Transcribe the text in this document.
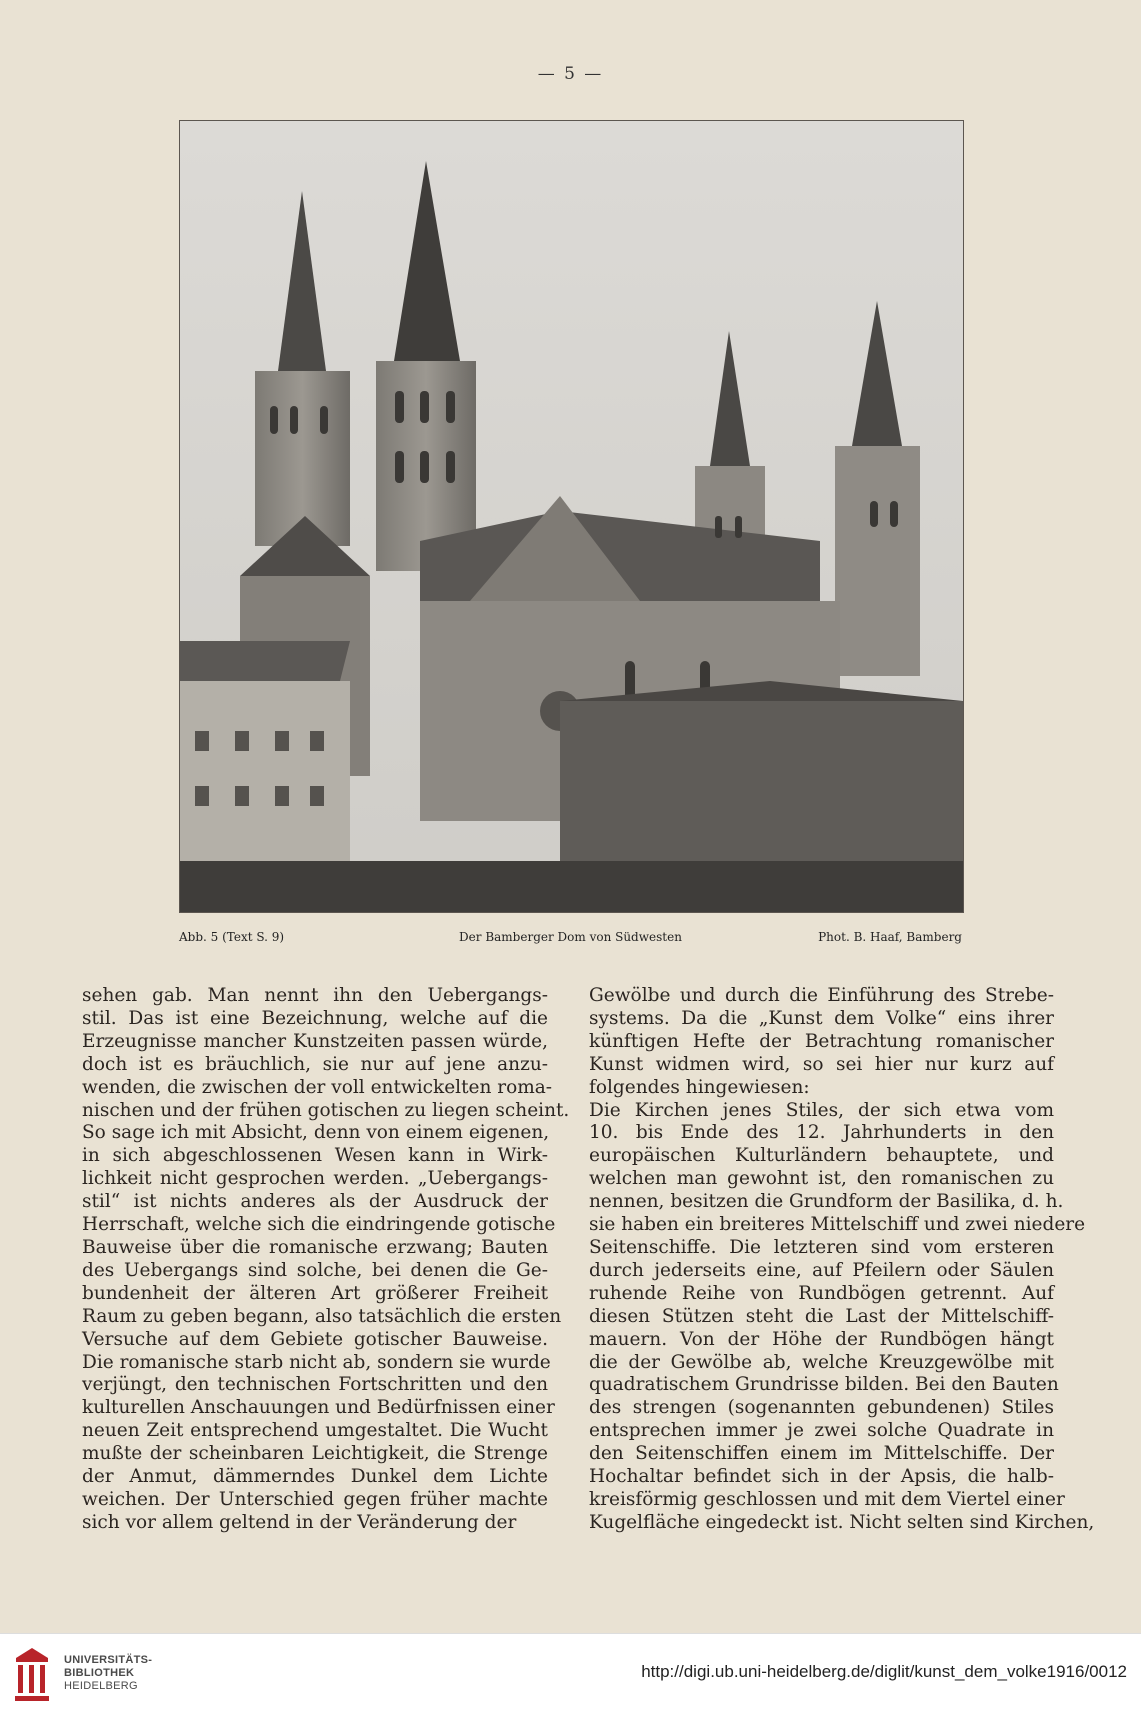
— 5 —
Abb. 5 (Text S. 9)	Der Bamberger Dom von Südwesten	Phot. B. Haaf, Bamberg
sehen gab. Man nennt ihn den Uebergangs-
stil. Das ist eine Bezeichnung, welche auf die
Erzeugnisse mancher Kunstzeiten passen würde,
doch ist es bräuchlich, sie nur auf jene anzu-
wenden, die zwischen der voll entwickelten roma-
nischen und der frühen gotischen zu liegen scheint.
So sage ich mit Absicht, denn von einem eigenen,
in sich abgeschlossenen Wesen kann in Wirk-
lichkeit nicht gesprochen werden. „Uebergangs-
stil“ ist nichts anderes als der Ausdruck der
Herrschaft, welche sich die eindringende gotische
Bauweise über die romanische erzwang; Bauten
des Uebergangs sind solche, bei denen die Ge-
bundenheit der älteren Art größerer Freiheit
Raum zu geben begann, also tatsächlich die ersten
Versuche auf dem Gebiete gotischer Bauweise.
Die romanische starb nicht ab, sondern sie wurde
verjüngt, den technischen Fortschritten und den
kulturellen Anschauungen und Bedürfnissen einer
neuen Zeit entsprechend umgestaltet. Die Wucht
mußte der scheinbaren Leichtigkeit, die Strenge
der Anmut, dämmerndes Dunkel dem Lichte
weichen. Der Unterschied gegen früher machte
sich vor allem geltend in der Veränderung der
Gewölbe und durch die Einführung des Strebe-
systems. Da die „Kunst dem Volke“ eins ihrer
künftigen Hefte der Betrachtung romanischer
Kunst widmen wird, so sei hier nur kurz auf
folgendes hingewiesen:
Die Kirchen jenes Stiles, der sich etwa vom
10. bis Ende des 12. Jahrhunderts in den
europäischen Kulturländern behauptete, und
welchen man gewohnt ist, den romanischen zu
nennen, besitzen die Grundform der Basilika, d. h.
sie haben ein breiteres Mittelschiff und zwei niedere
Seitenschiffe. Die letzteren sind vom ersteren
durch jederseits eine, auf Pfeilern oder Säulen
ruhende Reihe von Rundbögen getrennt. Auf
diesen Stützen steht die Last der Mittelschiff-
mauern. Von der Höhe der Rundbögen hängt
die der Gewölbe ab, welche Kreuzgewölbe mit
quadratischem Grundrisse bilden. Bei den Bauten
des strengen (sogenannten gebundenen) Stiles
entsprechen immer je zwei solche Quadrate in
den Seitenschiffen einem im Mittelschiffe. Der
Hochaltar befindet sich in der Apsis, die halb-
kreisförmig geschlossen und mit dem Viertel einer
Kugelfläche eingedeckt ist. Nicht selten sind Kirchen,
UNIVERSITÄTS-
BIBLIOTHEK
HEIDELBERG
http://digi.ub.uni-heidelberg.de/diglit/kunst_dem_volke1916/0012
